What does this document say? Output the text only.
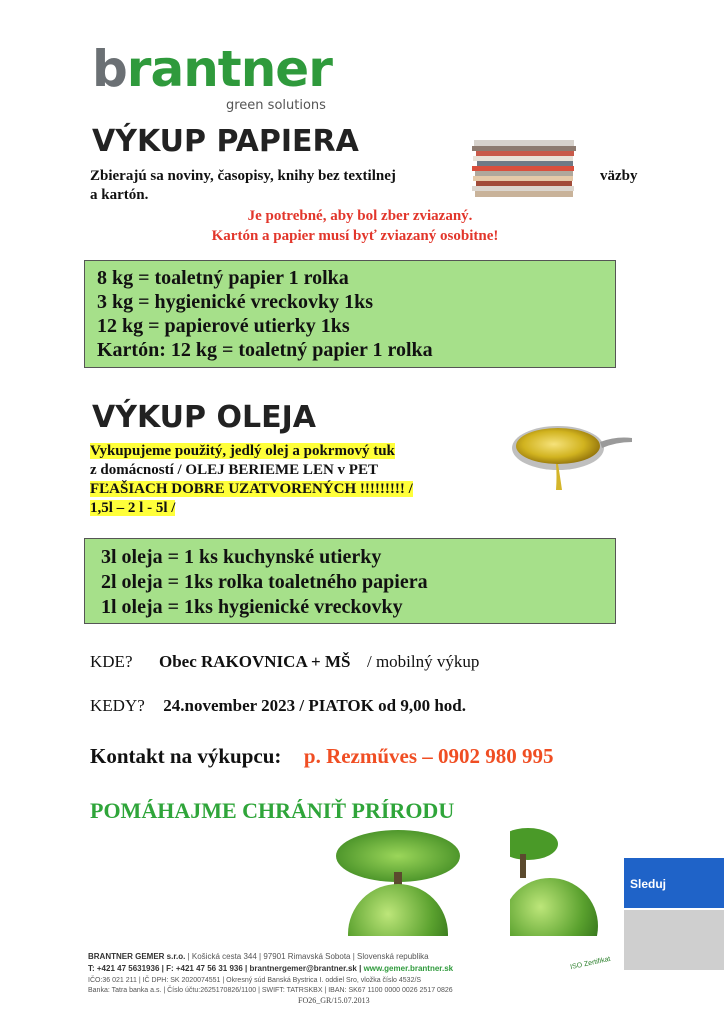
brantner
green solutions
VÝKUP PAPIERA
Zbierajú sa noviny, časopisy, knihy bez textilnej	väzby
a kartón.
Je potrebné, aby bol zber zviazaný.
Kartón a papier musí byť zviazaný osobitne!
8 kg = toaletný papier 1 rolka
3 kg = hygienické vreckovky 1ks
12 kg = papierové utierky 1ks
Kartón: 12 kg = toaletný papier 1 rolka
VÝKUP OLEJA
Vykupujeme použitý, jedlý olej a pokrmový tuk
z domácností / OLEJ BERIEME LEN v PET
FĽAŠIACH DOBRE UZATVORENÝCH !!!!!!!!! /
1,5l – 2 l - 5l /
3l oleja = 1 ks kuchynské utierky
2l oleja = 1ks rolka toaletného papiera
1l oleja = 1ks hygienické vreckovky
KDE? Obec RAKOVNICA + MŠ / mobilný výkup
KEDY? 24.november 2023 / PIATOK od 9,00 hod.
Kontakt na výkupcu: p. Rezműves – 0902 980 995
POMÁHAJME CHRÁNIŤ PRÍRODU
Sleduj
ISO Zertifikat
BRANTNER GEMER s.r.o. | Košická cesta 344 | 97901 Rimavská Sobota | Slovenská republika
T: +421 47 5631936 | F: +421 47 56 31 936 | brantnergemer@brantner.sk | www.gemer.brantner.sk
IČO:36 021 211 | IČ DPH: SK 2020074551 | Okresný súd Banská Bystrica I. oddiel Sro, vložka číslo 4532/S
Banka: Tatra banka a.s. | Číslo účtu:2625170826/1100 | SWIFT: TATRSKBX | IBAN: SK67 1100 0000 0026 2517 0826
FO26_GR/15.07.2013
